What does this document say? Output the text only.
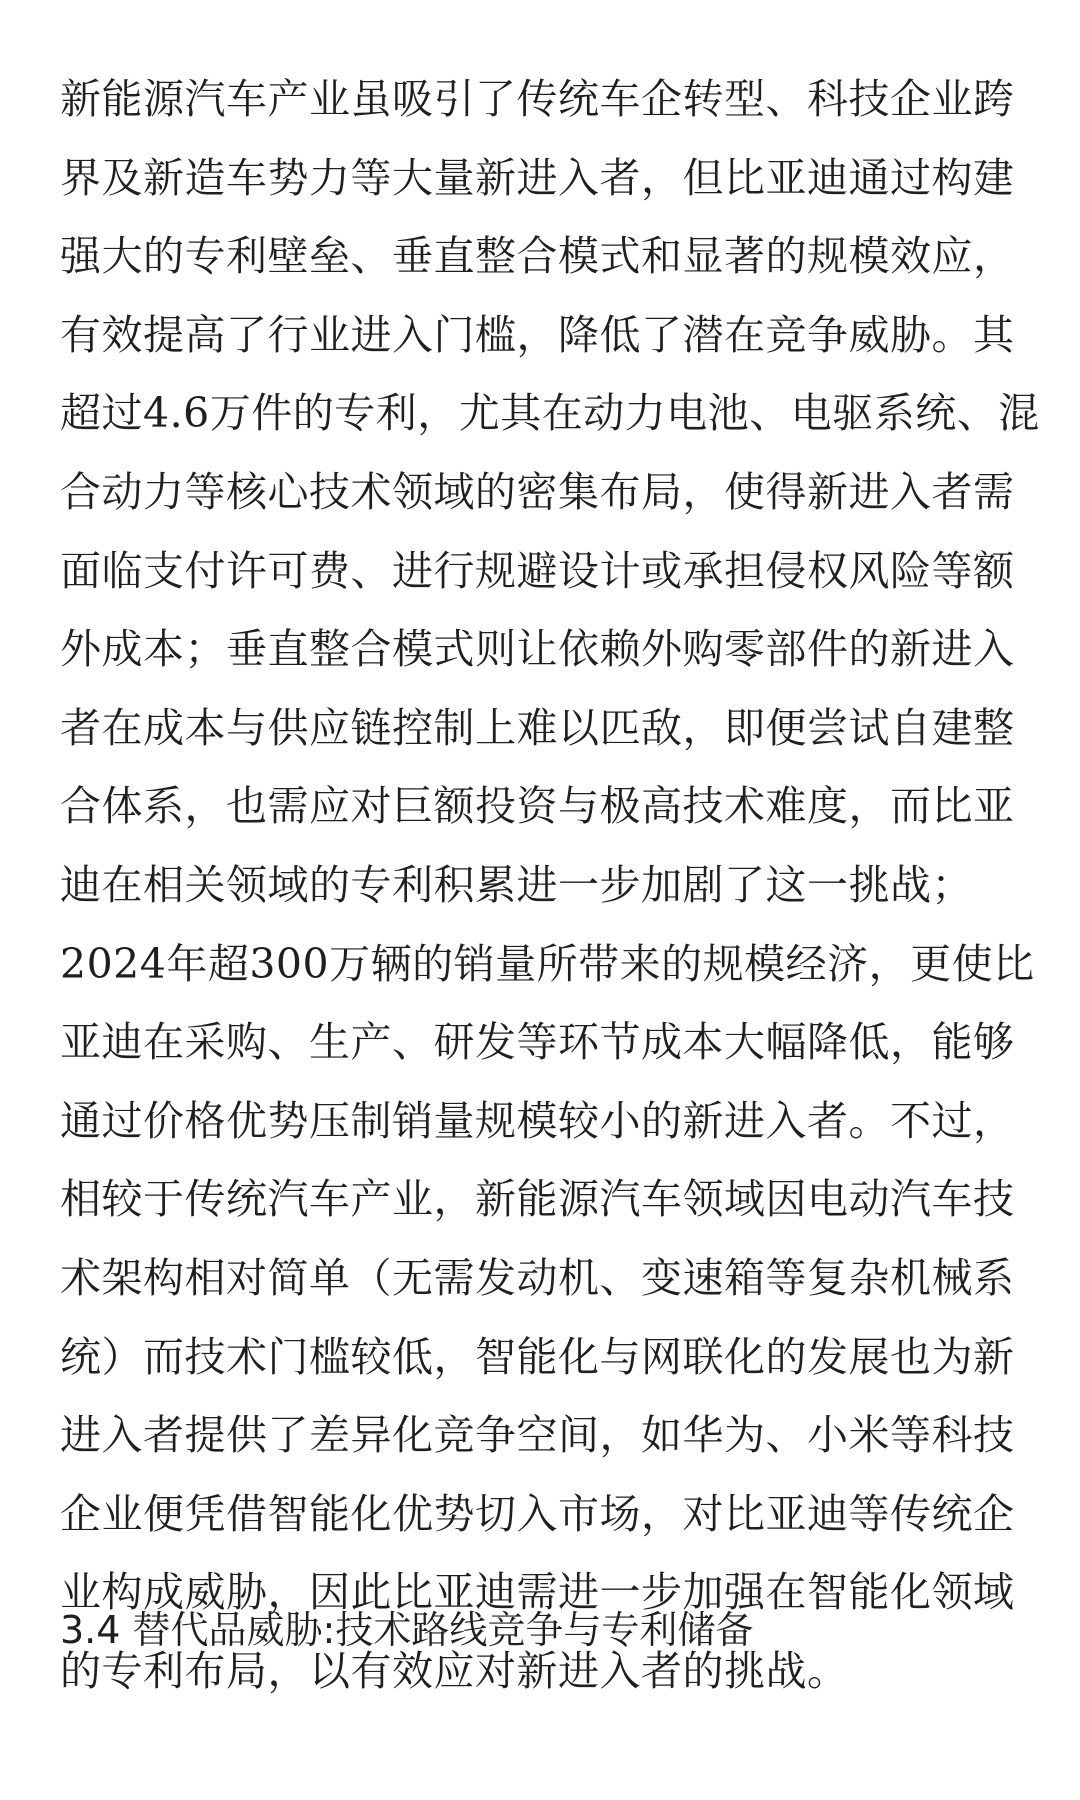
新能源汽车产业虽吸引了传统车企转型、科技企业跨
界及新造车势力等大量新进入者，但比亚迪通过构建
强大的专利壁垒、垂直整合模式和显著的规模效应，
有效提高了行业进入门槛，降低了潜在竞争威胁。其
超过4.6万件的专利，尤其在动力电池、电驱系统、混
合动力等核心技术领域的密集布局，使得新进入者需
面临支付许可费、进行规避设计或承担侵权风险等额
外成本；垂直整合模式则让依赖外购零部件的新进入
者在成本与供应链控制上难以匹敌，即便尝试自建整
合体系，也需应对巨额投资与极高技术难度，而比亚
迪在相关领域的专利积累进一步加剧了这一挑战；
2024年超300万辆的销量所带来的规模经济，更使比
亚迪在采购、生产、研发等环节成本大幅降低，能够
通过价格优势压制销量规模较小的新进入者。不过，
相较于传统汽车产业，新能源汽车领域因电动汽车技
术架构相对简单（无需发动机、变速箱等复杂机械系
统）而技术门槛较低，智能化与网联化的发展也为新
进入者提供了差异化竞争空间，如华为、小米等科技
企业便凭借智能化优势切入市场，对比亚迪等传统企
业构成威胁，因此比亚迪需进一步加强在智能化领域
的专利布局，以有效应对新进入者的挑战。

3.4 替代品威胁:技术路线竞争与专利储备
